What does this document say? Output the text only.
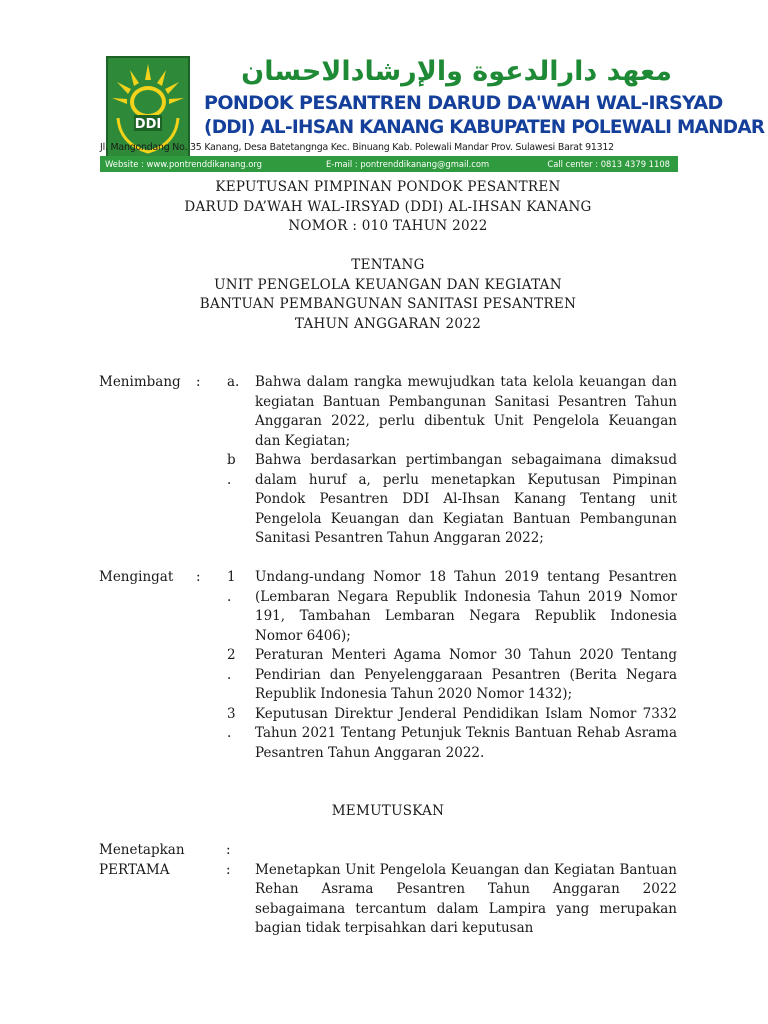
DDI
معهد دارالدعوة والإرشادالاحسان
PONDOK PESANTREN DARUD DA'WAH WAL-IRSYAD
(DDI) AL-IHSAN KANANG KABUPATEN POLEWALI MANDAR
Jl. Mangondang No. 35 Kanang, Desa Batetangnga Kec. Binuang Kab. Polewali Mandar Prov. Sulawesi Barat 91312
Website : www.pontrenddikanang.org	E-mail : pontrenddikanang@gmail.com	Call center : 0813 4379 1108
KEPUTUSAN PIMPINAN PONDOK PESANTREN
DARUD DA’WAH WAL-IRSYAD (DDI) AL-IHSAN KANANG
NOMOR : 010 TAHUN 2022
TENTANG
UNIT PENGELOLA KEUANGAN DAN KEGIATAN
BANTUAN PEMBANGUNAN SANITASI PESANTREN
TAHUN ANGGARAN 2022
Menimbang	:	a.	Bahwa dalam rangka mewujudkan tata kelola keuangan dan kegiatan Bantuan Pembangunan Sanitasi Pesantren Tahun Anggaran 2022, perlu dibentuk Unit Pengelola Keuangan dan Kegiatan;
		b
.	Bahwa berdasarkan pertimbangan sebagaimana dimaksud dalam huruf a, perlu menetapkan Keputusan Pimpinan Pondok Pesantren DDI Al-Ihsan Kanang Tentang unit Pengelola Keuangan dan Kegiatan Bantuan Pembangunan Sanitasi Pesantren Tahun Anggaran 2022;
Mengingat	:	1
.	Undang-undang Nomor 18 Tahun 2019 tentang Pesantren (Lembaran Negara Republik Indonesia Tahun 2019 Nomor 191, Tambahan Lembaran Negara Republik Indonesia Nomor 6406);
		2
.	Peraturan Menteri Agama Nomor 30 Tahun 2020 Tentang Pendirian dan Penyelenggaraan Pesantren (Berita Negara Republik Indonesia Tahun 2020 Nomor 1432);
		3
.	Keputusan Direktur Jenderal Pendidikan Islam Nomor 7332 Tahun 2021 Tentang Petunjuk Teknis Bantuan Rehab Asrama Pesantren Tahun Anggaran 2022.
MEMUTUSKAN
Menetapkan	:	
PERTAMA	:	Menetapkan Unit Pengelola Keuangan dan Kegiatan Bantuan Rehan Asrama Pesantren Tahun Anggaran 2022 sebagaimana tercantum dalam Lampira yang merupakan bagian tidak terpisahkan dari keputusan
